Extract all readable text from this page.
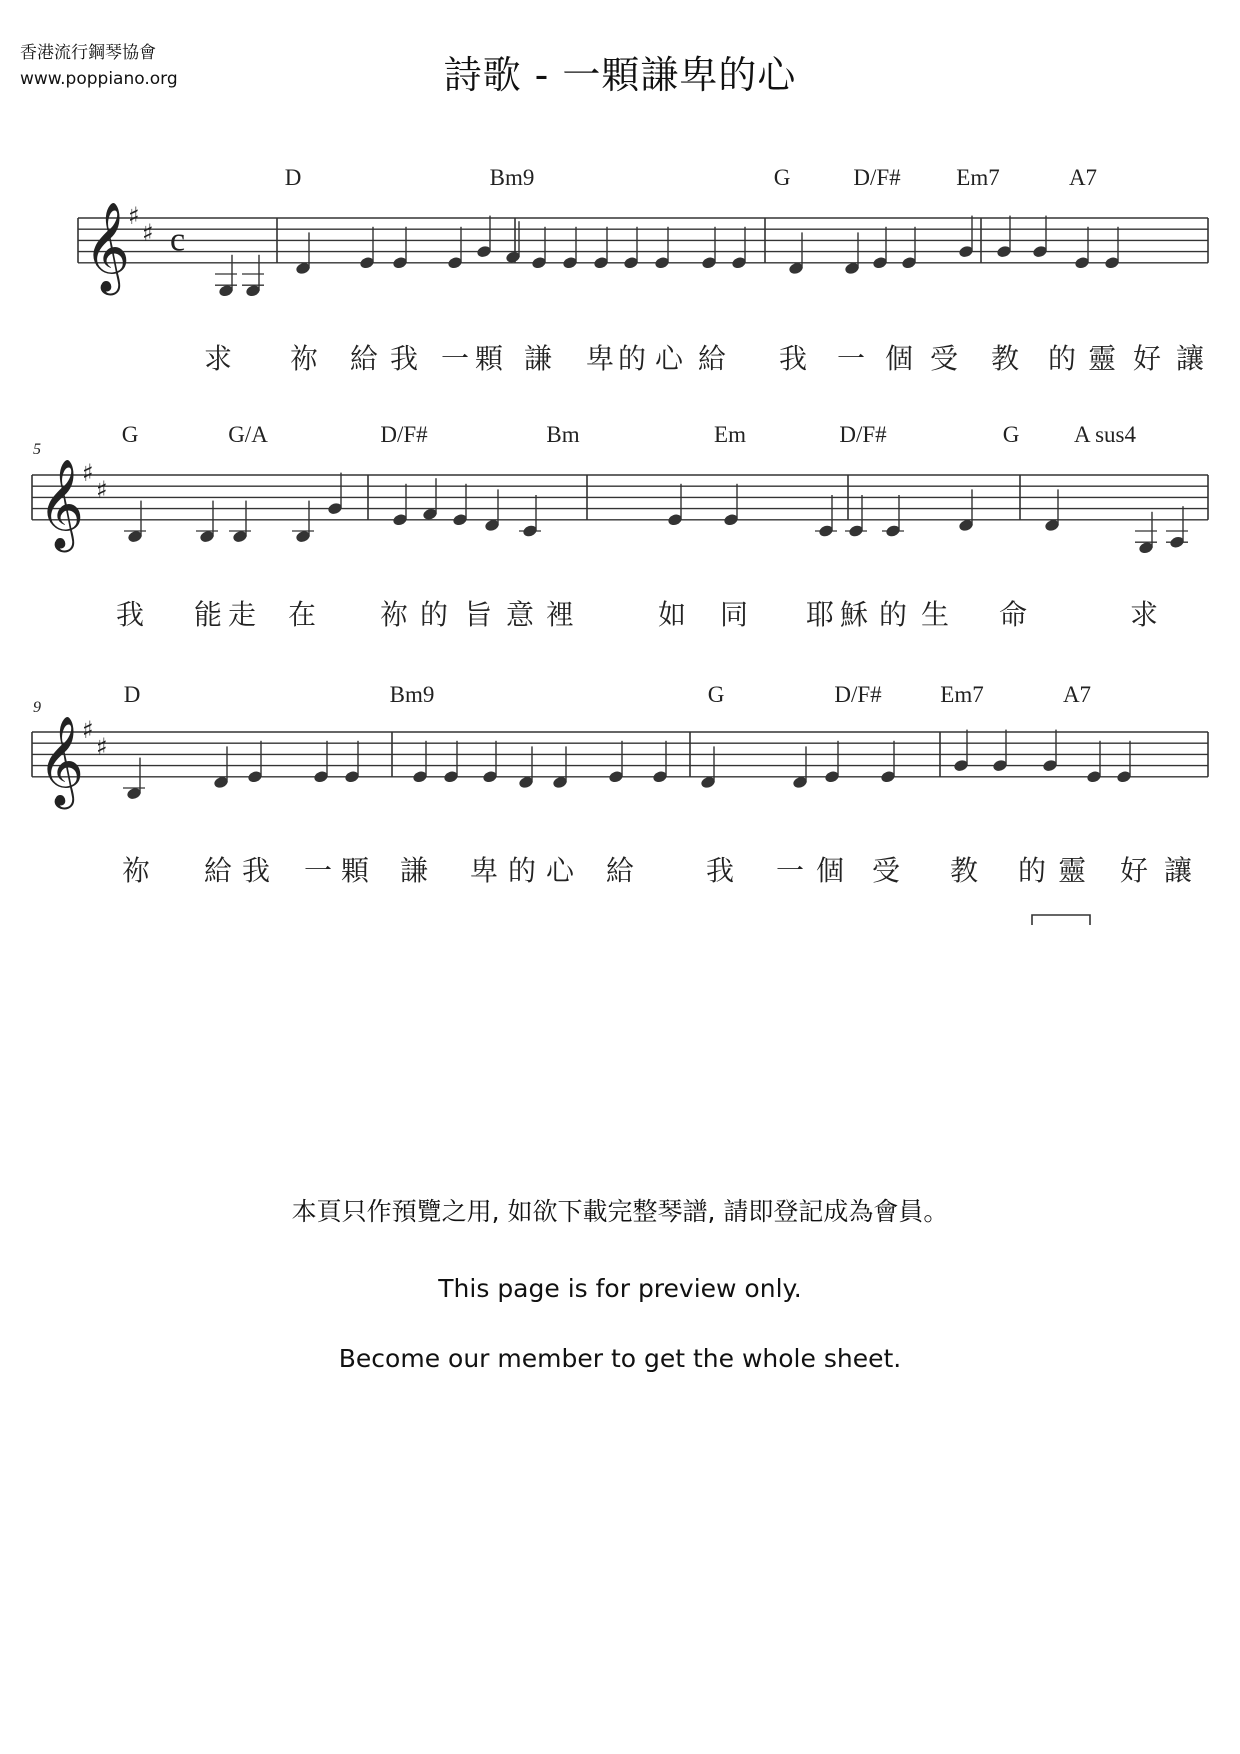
香港流行鋼琴協會
www.poppiano.org	詩歌 - 一顆謙卑的心
𝄞
♯
♯ c
D	Bm9	G	D/F# Em7	A7
求 祢 給 我 一 顆 謙 卑 的 心 給 我 一 個 受 教 的 靈 好 讓
𝄞
♯
♯
5
G	G/A	D/F#	Bm	Em	D/F#	G A sus4
我 能 走 在 祢 的 旨 意 裡	如 同 耶 穌 的 生 命	求
𝄞
♯
♯
9
D	Bm9	G	D/F#	Em7	A7
祢 給 我 一 顆 謙 卑 的 心 給	我 一 個 受 教 的 靈 好 讓
本頁只作預覽之用, 如欲下載完整琴譜, 請即登記成為會員。
This page is for preview only.
Become our member to get the whole sheet.
